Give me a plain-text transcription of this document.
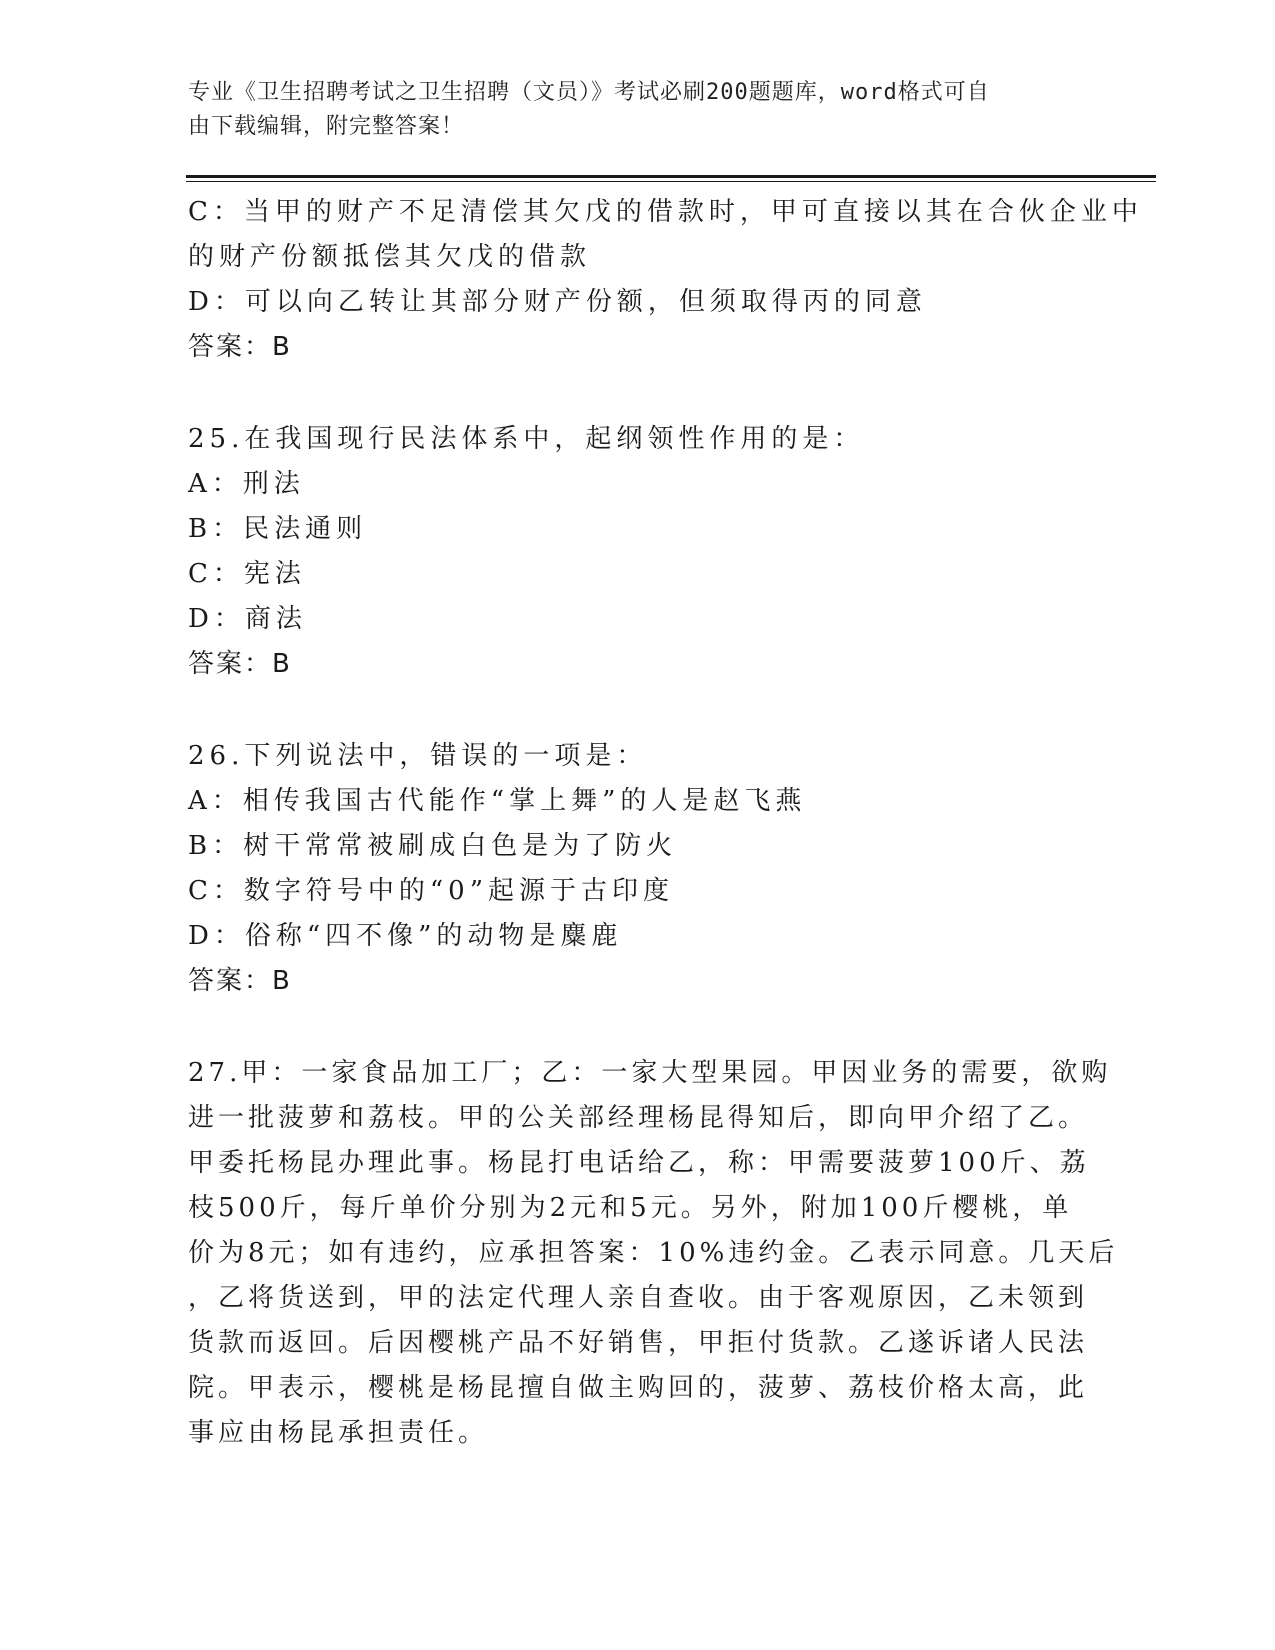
专业《卫生招聘考试之卫生招聘（文员）》考试必刷200题题库，word格式可自
由下载编辑，附完整答案！
C：当甲的财产不足清偿其欠戊的借款时，甲可直接以其在合伙企业中
的财产份额抵偿其欠戊的借款
D：可以向乙转让其部分财产份额，但须取得丙的同意
答案：B
25.在我国现行民法体系中，起纲领性作用的是：
A：刑法
B：民法通则
C：宪法
D：商法
答案：B
26.下列说法中，错误的一项是：
A：相传我国古代能作“掌上舞”的人是赵飞燕
B：树干常常被刷成白色是为了防火
C：数字符号中的“0”起源于古印度
D：俗称“四不像”的动物是麋鹿
答案：B
27.甲：一家食品加工厂；乙：一家大型果园。甲因业务的需要，欲购
进一批菠萝和荔枝。甲的公关部经理杨昆得知后，即向甲介绍了乙。
甲委托杨昆办理此事。杨昆打电话给乙，称：甲需要菠萝100斤、荔
枝500斤，每斤单价分别为2元和5元。另外，附加100斤樱桃，单
价为8元；如有违约，应承担答案：10%违约金。乙表示同意。几天后
，乙将货送到，甲的法定代理人亲自查收。由于客观原因，乙未领到
货款而返回。后因樱桃产品不好销售，甲拒付货款。乙遂诉诸人民法
院。甲表示，樱桃是杨昆擅自做主购回的，菠萝、荔枝价格太高，此
事应由杨昆承担责任。
